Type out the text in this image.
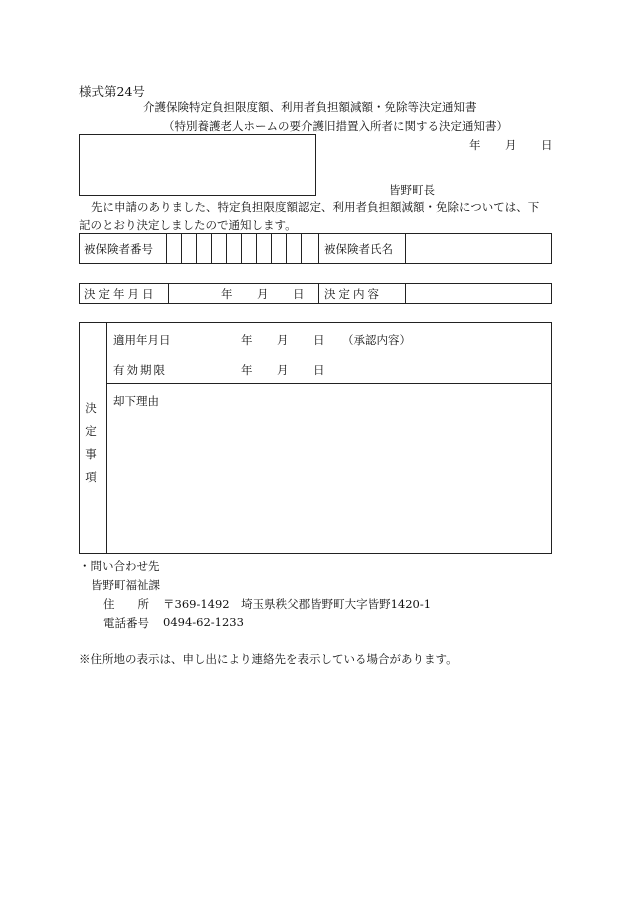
様式第24号
介護保険特定負担限度額、利用者負担額減額・免除等決定通知書
（特別養護老人ホームの要介護旧措置入所者に関する決定通知書）
年 月 日
皆野町長
先に申請のありました、特定負担限度額認定、利用者負担額減額・免除については、下
記のとおり決定しましたので通知します。
被保険者番号	被保険者氏名
決定年月日	年 月 日 決定内容
決
定
事
項
適用年月日	年 月 日 （承認内容）
有効期限	年 月 日
却下理由
・問い合わせ先
皆野町福祉課
住　　所 〒369-1492　埼玉県秩父郡皆野町大字皆野1420-1
電話番号 0494-62-1233
※住所地の表示は、申し出により連絡先を表示している場合があります。
